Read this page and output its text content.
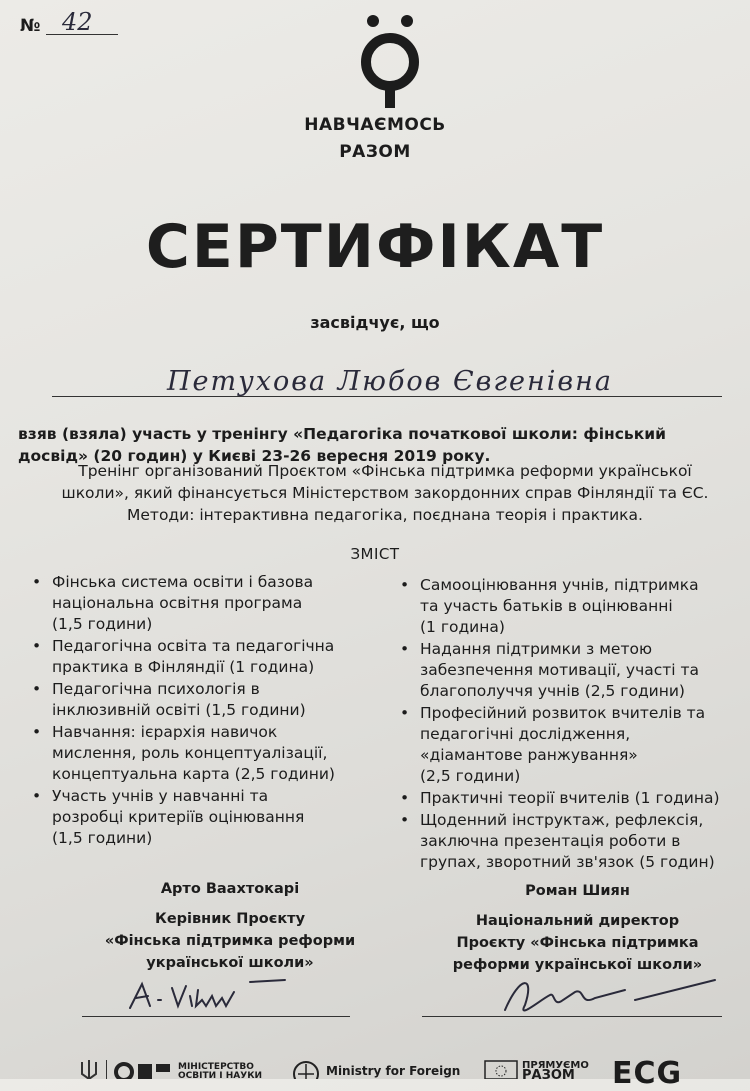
№ 42
НАВЧАЄМОСЬ
РАЗОМ
СЕРТИФІКАТ
засвідчує, що
Петухова Любов Євгенівна
взяв (взяла) участь у тренінгу «Педагогіка початкової школи: фінський
досвід» (20 годин) у Києві 23-26 вересня 2019 року.
Тренінг організований Проєктом «Фінська підтримка реформи української
школи», який фінансується Міністерством закордонних справ Фінляндії та ЄС.
Методи: інтерактивна педагогіка, поєднана теорія і практика.
ЗМІСТ
• Фінська система освіти і базова
національна освітня програма
(1,5 години)
• Педагогічна освіта та педагогічна
практика в Фінляндії (1 година)
• Педагогічна психологія в
інклюзивній освіті (1,5 години)
• Навчання: ієрархія навичок
мислення, роль концептуалізації,
концептуальна карта (2,5 години)
• Участь учнів у навчанні та
розробці критеріїв оцінювання
(1,5 години)
• Самооцінювання учнів, підтримка
та участь батьків в оцінюванні
(1 година)
• Надання підтримки з метою
забезпечення мотивації, участі та
благополуччя учнів (2,5 години)
• Професійний розвиток вчителів та
педагогічні дослідження,
«діамантове ранжування»
(2,5 години)
• Практичні теорії вчителів (1 година)
• Щоденний інструктаж, рефлексія,
заключна презентація роботи в
групах, зворотний зв'язок (5 годин)
Арто Ваахтокарі
Керівник Проєкту
«Фінська підтримка реформи
української школи»
Роман Шиян
Національний директор
Проєкту «Фінська підтримка
реформи української школи»
МІНІСТЕРСТВО
ОСВІТИ І НАУКИ	Ministry for Foreign	ПРЯМУЄМО
РАЗОМ	ECG
